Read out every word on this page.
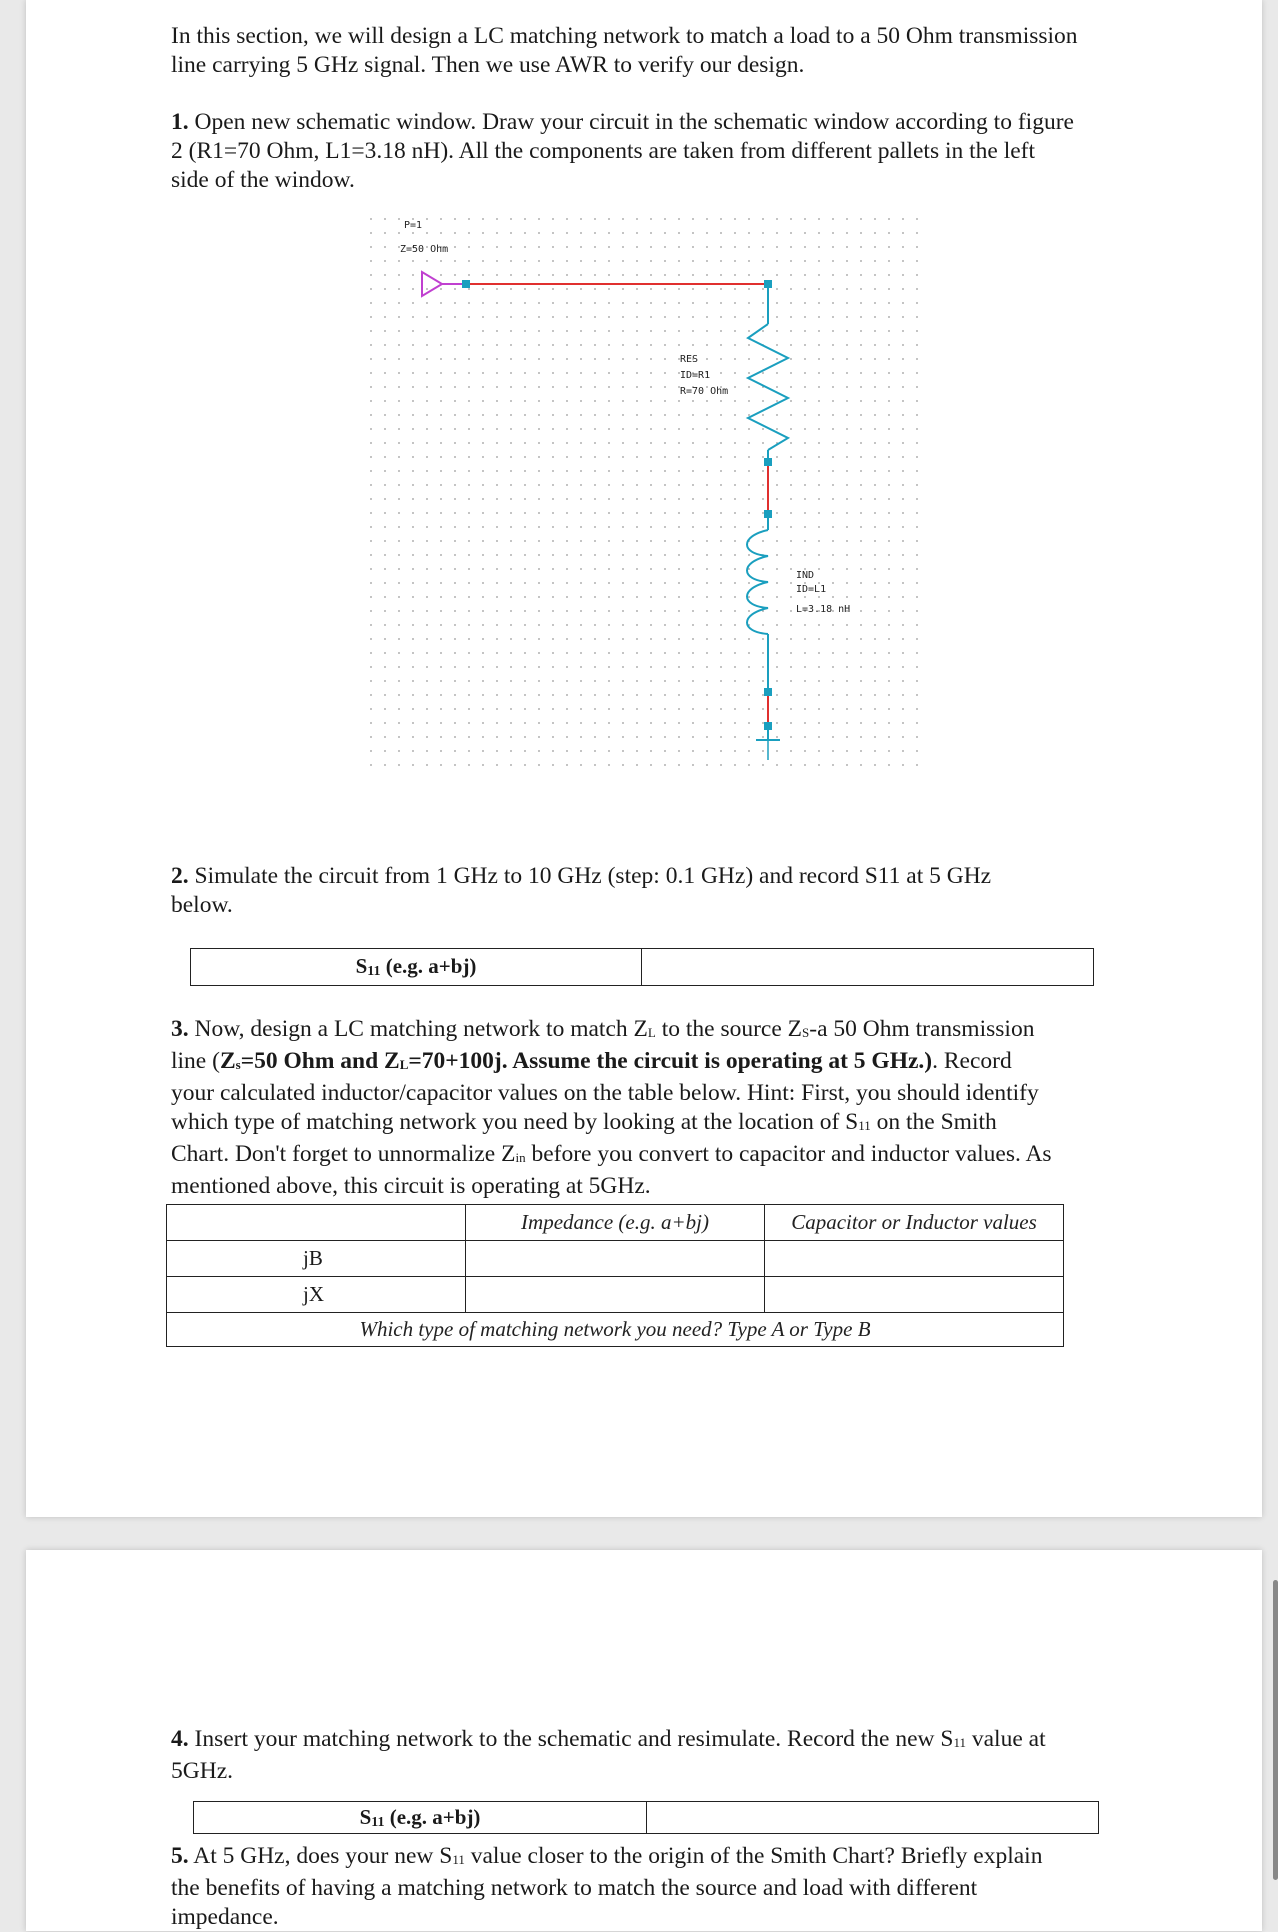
In this section, we will design a LC matching network to match a load to a 50 Ohm transmission
line carrying 5 GHz signal. Then we use AWR to verify our design.
1. Open new schematic window. Draw your circuit in the schematic window according to figure
2 (R1=70 Ohm, L1=3.18 nH). All the components are taken from different pallets in the left
side of the window.
P=1
Z=50 Ohm
RES
ID=R1
R=70 Ohm
IND
ID=L1
L=3.18 nH
2. Simulate the circuit from 1 GHz to 10 GHz (step: 0.1 GHz) and record S11 at 5 GHz
below.
S11 (e.g. a+bj)	
3. Now, design a LC matching network to match ZL to the source ZS-a 50 Ohm transmission
line (Zs=50 Ohm and ZL=70+100j. Assume the circuit is operating at 5 GHz.). Record
your calculated inductor/capacitor values on the table below. Hint: First, you should identify
which type of matching network you need by looking at the location of S11 on the Smith
Chart. Don't forget to unnormalize Zin before you convert to capacitor and inductor values. As
mentioned above, this circuit is operating at 5GHz.
	Impedance (e.g. a+bj)	Capacitor or Inductor values
jB		
jX		
Which type of matching network you need? Type A or Type B		
4. Insert your matching network to the schematic and resimulate. Record the new S11 value at
5GHz.
S11 (e.g. a+bj)	
5. At 5 GHz, does your new S11 value closer to the origin of the Smith Chart? Briefly explain
the benefits of having a matching network to match the source and load with different
impedance.
